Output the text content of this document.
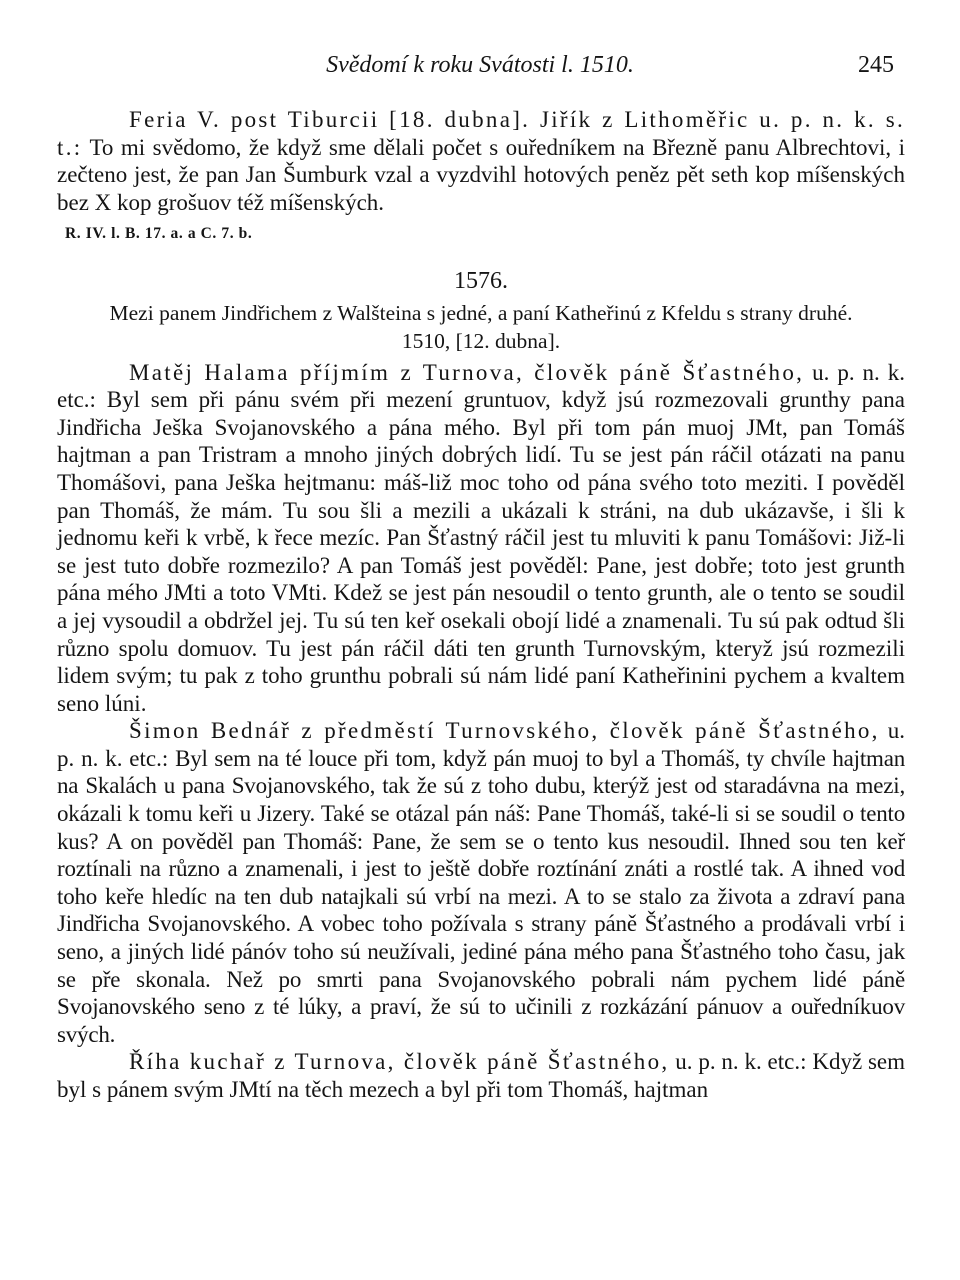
Svědomí k roku Svátosti l. 1510.	245

Feria V. post Tiburcii [18. dubna]. Jiřík z Lithoměřic u. p. n. k. s. t.: To mi svědomo, že když sme dělali počet s ouředníkem na Březně panu Albrechtovi, i zečteno jest, že pan Jan Šumburk vzal a vyzdvihl hotových peněz pět seth kop míšenských bez X kop grošuov též míšenských.

R. IV. l. B. 17. a. a C. 7. b.

1576.

Mezi panem Jindřichem z Walšteina s jedné, a paní Katheřinú z Kfeldu s strany druhé.

1510, [12. dubna].

Matěj Halama příjmím z Turnova, člověk páně Šťastného, u. p. n. k. etc.: Byl sem při pánu svém při mezení gruntuov, když jsú rozmezovali grunthy pana Jindřicha Ješka Svojanovského a pána mého. Byl při tom pán muoj JMt, pan Tomáš hajtman a pan Tristram a mnoho jiných dobrých lidí. Tu se jest pán ráčil otázati na panu Thomášovi, pana Ješka hejtmanu: máš-liž moc toho od pána svého toto meziti. I pověděl pan Thomáš, že mám. Tu sou šli a mezili a ukázali k stráni, na dub ukázavše, i šli k jednomu keři k vrbě, k řece mezíc. Pan Šťastný ráčil jest tu mluviti k panu Tomášovi: Již-li se jest tuto dobře rozmezilo? A pan Tomáš jest pověděl: Pane, jest dobře; toto jest grunth pána mého JMti a toto VMti. Kdež se jest pán nesoudil o tento grunth, ale o tento se soudil a jej vysoudil a obdržel jej. Tu sú ten keř osekali obojí lidé a znamenali. Tu sú pak odtud šli různo spolu domuov. Tu jest pán ráčil dáti ten grunth Turnovským, kteryž jsú rozmezili lidem svým; tu pak z toho grunthu pobrali sú nám lidé paní Katheřinini pychem a kvaltem seno lúni.

Šimon Bednář z předměstí Turnovského, člověk páně Šťastného, u. p. n. k. etc.: Byl sem na té louce při tom, když pán muoj to byl a Thomáš, ty chvíle hajtman na Skalách u pana Svojanovského, tak že sú z toho dubu, kterýž jest od staradávna na mezi, okázali k tomu keři u Jizery. Také se otázal pán náš: Pane Thomáš, také-li si se soudil o tento kus? A on pověděl pan Thomáš: Pane, že sem se o tento kus nesoudil. Ihned sou ten keř roztínali na různo a znamenali, i jest to ještě dobře roztínání znáti a rostlé tak. A ihned vod toho keře hledíc na ten dub natajkali sú vrbí na mezi. A to se stalo za života a zdraví pana Jindřicha Svojanovského. A vobec toho požívala s strany páně Šťastného a prodávali vrbí i seno, a jiných lidé pánóv toho sú neužívali, jediné pána mého pana Šťastného toho času, jak se pře skonala. Než po smrti pana Svojanovského pobrali nám pychem lidé páně Svojanovského seno z té lúky, a praví, že sú to učinili z rozkázání pánuov a ouředníkuov svých.

Říha kuchař z Turnova, člověk páně Šťastného, u. p. n. k. etc.: Když sem byl s pánem svým JMtí na těch mezech a byl při tom Thomáš, hajtman
